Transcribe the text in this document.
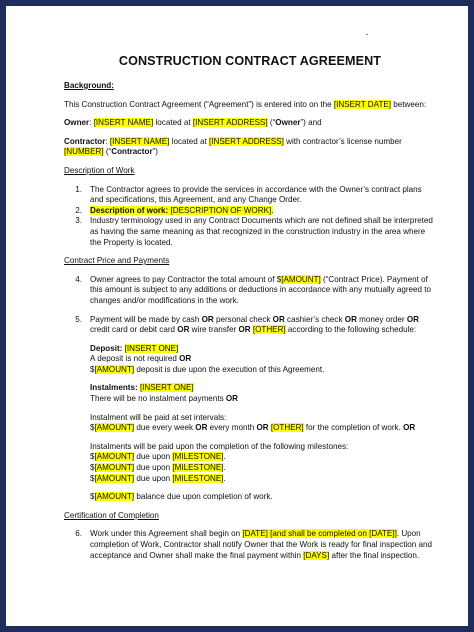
CONSTRUCTION CONTRACT AGREEMENT
Background:

This Construction Contract Agreement (“Agreement”) is entered into on the [INSERT DATE] between:

Owner: [INSERT NAME] located at [INSERT ADDRESS] (“Owner”) and

Contractor: [INSERT NAME] located at [INSERT ADDRESS] with contractor’s license number
[NUMBER] (“Contractor”)

Description of Work
1. The Contractor agrees to provide the services in accordance with the Owner’s contract plans and specifications, this Agreement, and any Change Order.
2. Description of work: [DESCRIPTION OF WORK].
3. Industry terminology used in any Contract Documents which are not defined shall be interpreted as having the same meaning as that recognized in the construction industry in the area where the Property is located.
Contract Price and Payments
4. Owner agrees to pay Contractor the total amount of $[AMOUNT] (“Contract Price). Payment of this amount is subject to any additions or deductions in accordance with any mutually agreed to changes and/or modifications in the work.
5. Payment will be made by cash OR personal check OR cashier’s check OR money order OR
credit card or debit card OR wire transfer OR [OTHER] according to the following schedule:
Deposit: [INSERT ONE]
A deposit is not required OR
$[AMOUNT] deposit is due upon the execution of this Agreement.
Instalments: [INSERT ONE]
There will be no instalment payments OR
Instalment will be paid at set intervals:
$[AMOUNT] due every week OR every month OR [OTHER] for the completion of work. OR
Instalments will be paid upon the completion of the following milestones:
$[AMOUNT] due upon [MILESTONE].
$[AMOUNT] due upon [MILESTONE].
$[AMOUNT] due upon [MILESTONE].
$[AMOUNT] balance due upon completion of work.
Certification of Completion
6. Work under this Agreement shall begin on [DATE] [and shall be completed on [DATE]]. Upon completion of Work, Contractor shall notify Owner that the Work is ready for final inspection and acceptance and Owner shall make the final payment within [DAYS] after the final inspection.
